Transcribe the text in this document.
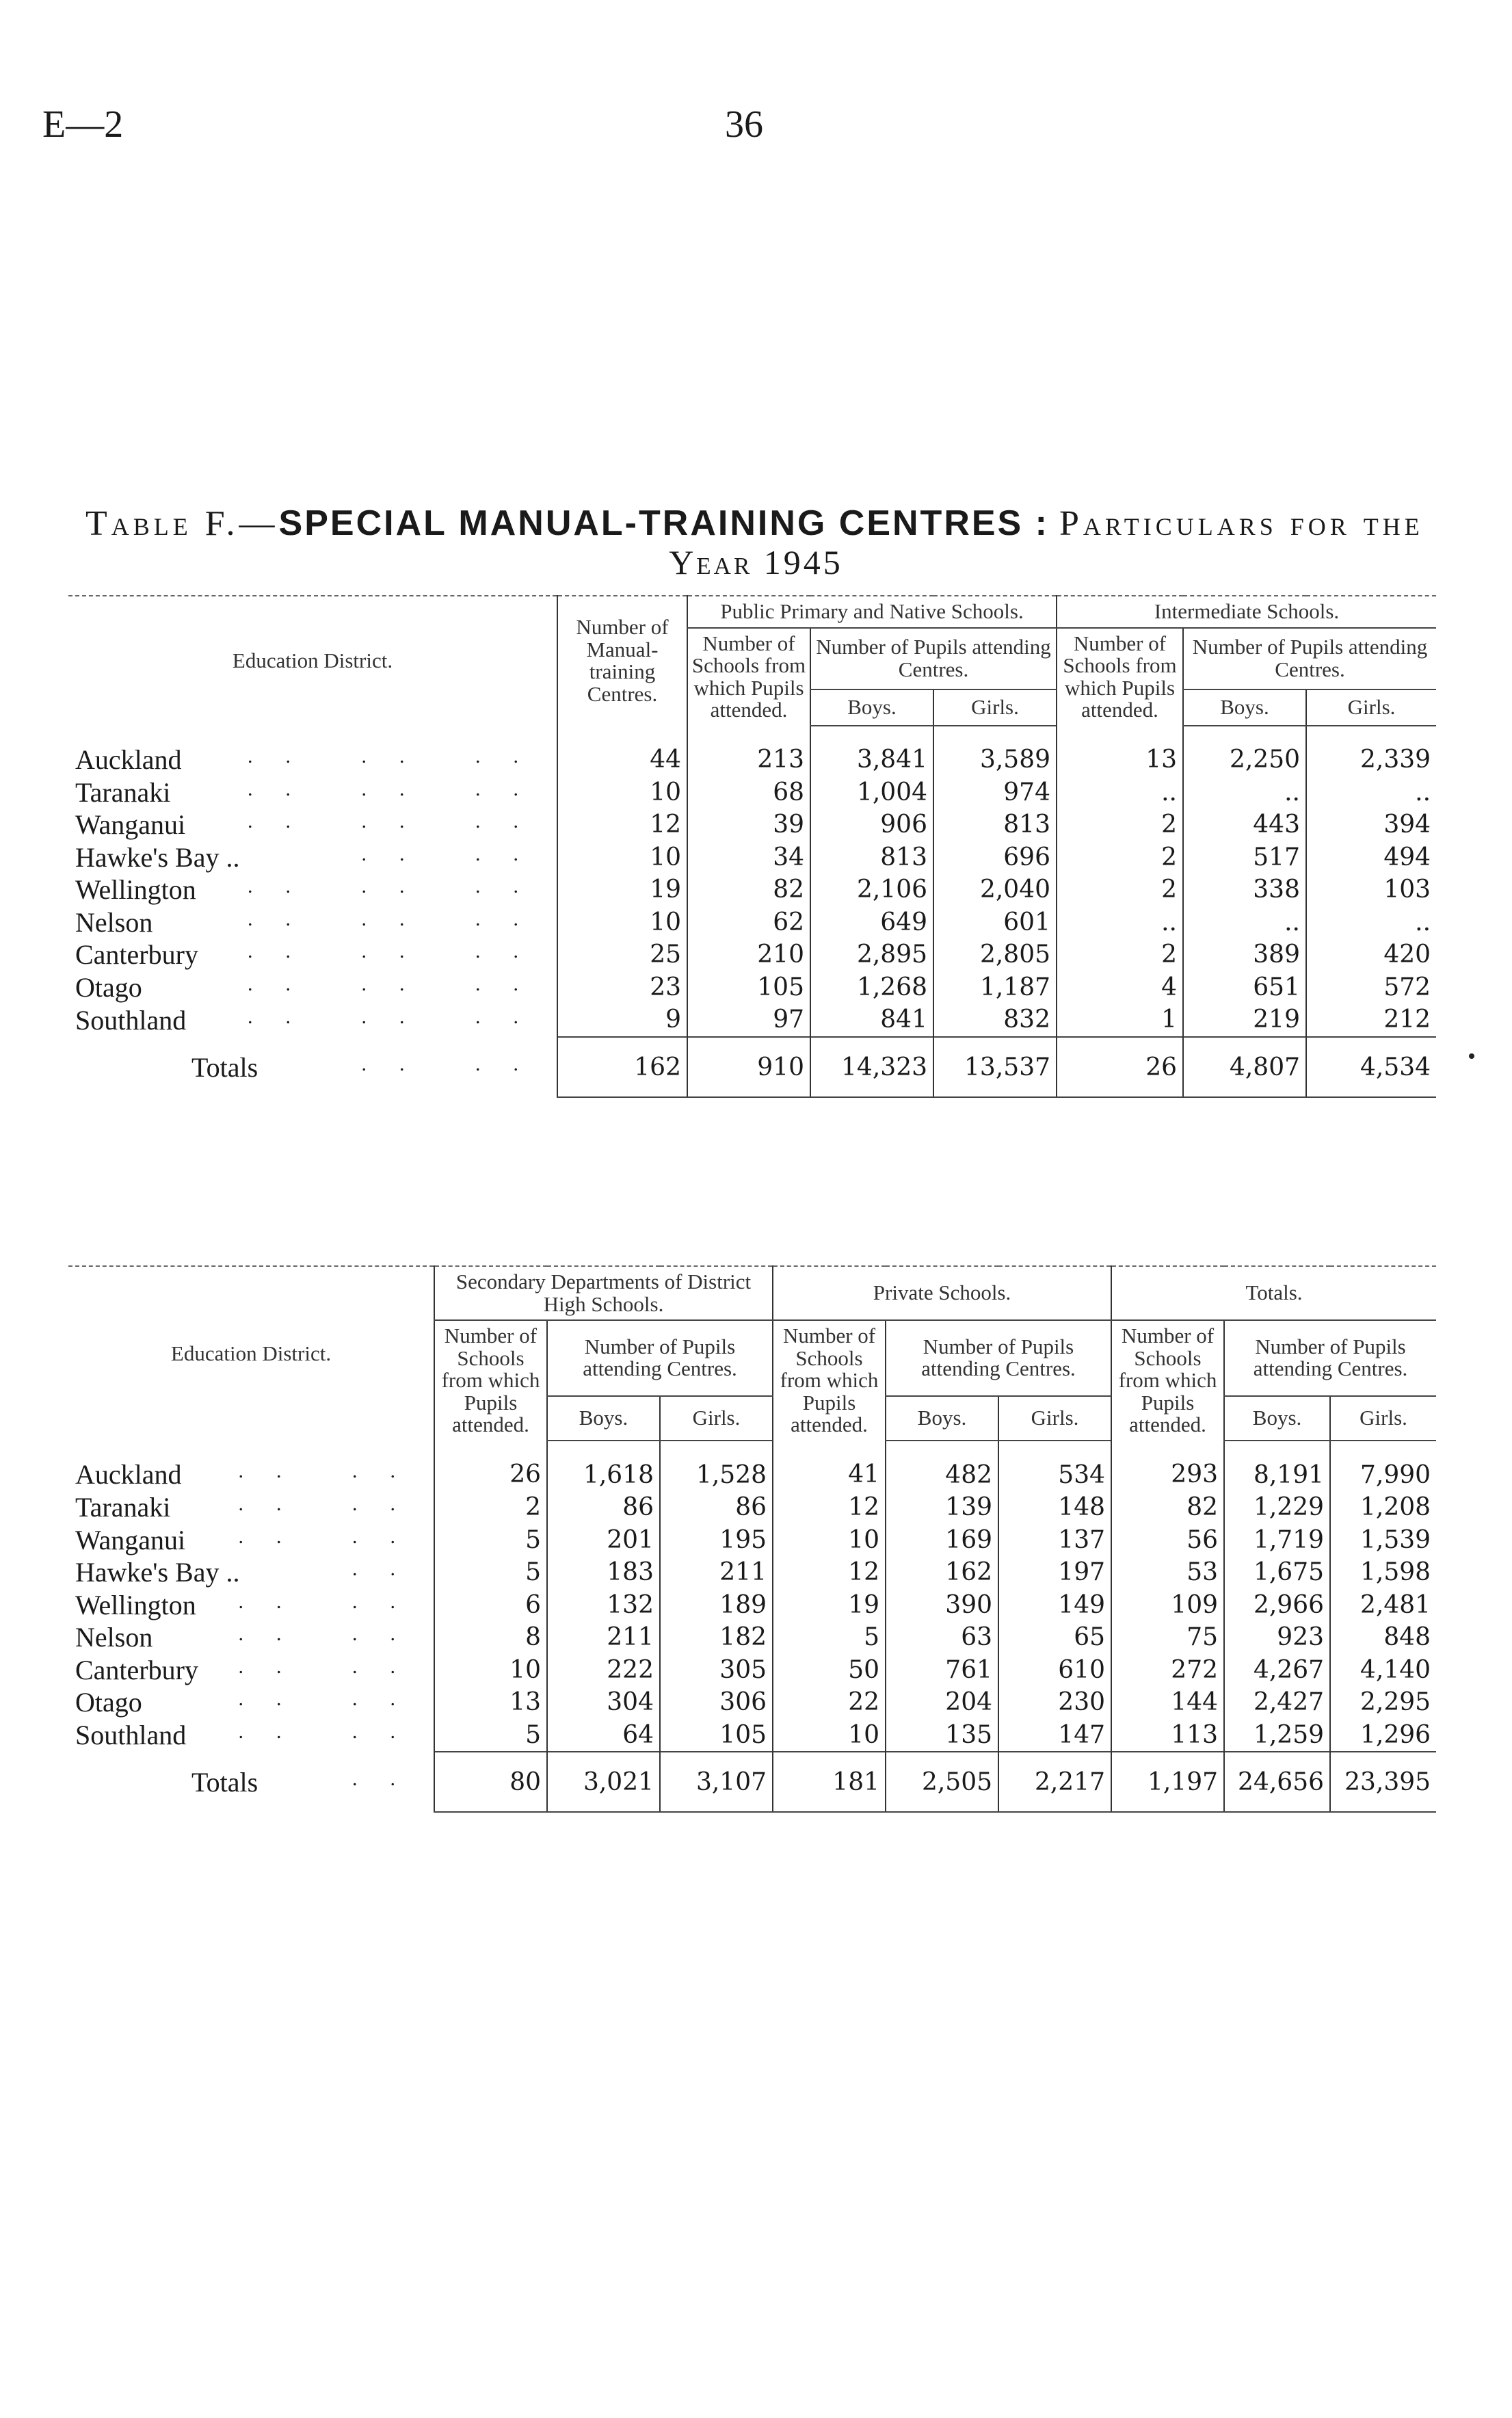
E—2	36
Table F.—SPECIAL MANUAL-TRAINING CENTRES : Particulars for the
Year 1945
Education District.	Number of Manual-training Centres.	Public Primary and Native Schools.			Intermediate Schools.		
		Number of Schools from which Pupils attended.	Number of Pupils attending Centres.		Number of Schools from which Pupils attended.	Number of Pupils attending Centres.	
			Boys.	Girls.		Boys.	Girls.
Auckland .. .. ..	44	213	3,841	3,589	13	2,250	2,339
Taranaki .. .. ..	10	68	1,004	974	..	..	..
Wanganui .. .. ..	12	39	906	813	2	443	394
Hawke's Bay .. .. ..	10	34	813	696	2	517	494
Wellington .. .. ..	19	82	2,106	2,040	2	338	103
Nelson .. .. ..	10	62	649	601	..	..	..
Canterbury .. .. ..	25	210	2,895	2,805	2	389	420
Otago .. .. ..	23	105	1,268	1,187	4	651	572
Southland .. .. ..	9	97	841	832	1	219	212
Totals .. ..	162	910	14,323	13,537	26	4,807	4,534
Education District.	Secondary Departments of District High Schools.			Private Schools.			Totals.		
	Number of Schools from which Pupils attended.	Number of Pupils attending Centres.		Number of Schools from which Pupils attended.	Number of Pupils attending Centres.		Number of Schools from which Pupils attended.	Number of Pupils attending Centres.	
		Boys.	Girls.		Boys.	Girls.		Boys.	Girls.
Auckland .. ..	26	1,618	1,528	41	482	534	293	8,191	7,990
Taranaki .. ..	2	86	86	12	139	148	82	1,229	1,208
Wanganui .. ..	5	201	195	10	169	137	56	1,719	1,539
Hawke's Bay .. ..	5	183	211	12	162	197	53	1,675	1,598
Wellington .. ..	6	132	189	19	390	149	109	2,966	2,481
Nelson .. ..	8	211	182	5	63	65	75	923	848
Canterbury .. ..	10	222	305	50	761	610	272	4,267	4,140
Otago .. ..	13	304	306	22	204	230	144	2,427	2,295
Southland .. ..	5	64	105	10	135	147	113	1,259	1,296
Totals ..	80	3,021	3,107	181	2,505	2,217	1,197	24,656	23,395
